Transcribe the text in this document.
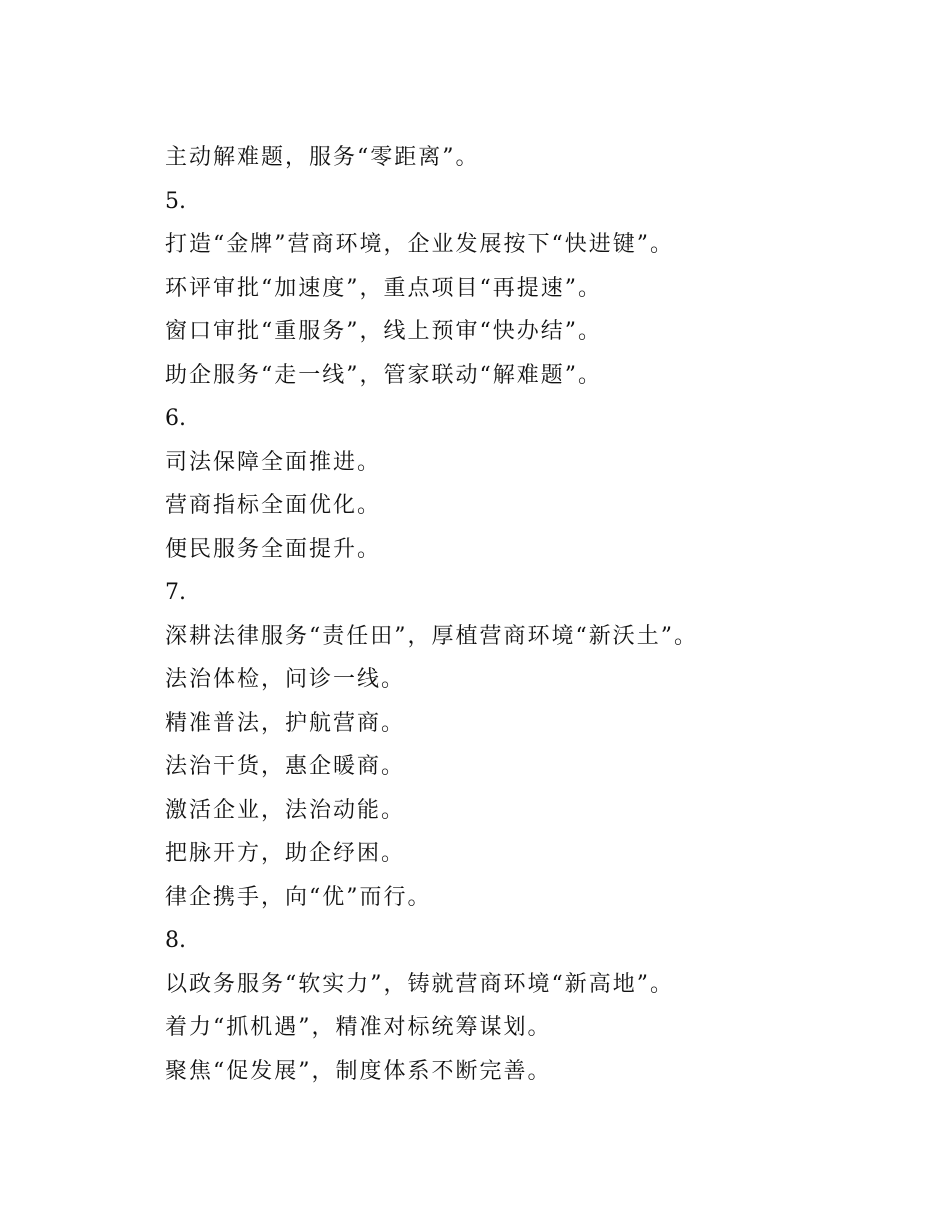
主动解难题，服务“零距离”。
5.
打造“金牌”营商环境，企业发展按下“快进键”。
环评审批“加速度”，重点项目“再提速”。
窗口审批“重服务”，线上预审“快办结”。
助企服务“走一线”，管家联动“解难题”。
6.
司法保障全面推进。
营商指标全面优化。
便民服务全面提升。
7.
深耕法律服务“责任田”，厚植营商环境“新沃土”。
法治体检，问诊一线。
精准普法，护航营商。
法治干货，惠企暖商。
激活企业，法治动能。
把脉开方，助企纾困。
律企携手，向“优”而行。
8.
以政务服务“软实力”，铸就营商环境“新高地”。
着力“抓机遇”，精准对标统筹谋划。
聚焦“促发展”，制度体系不断完善。
